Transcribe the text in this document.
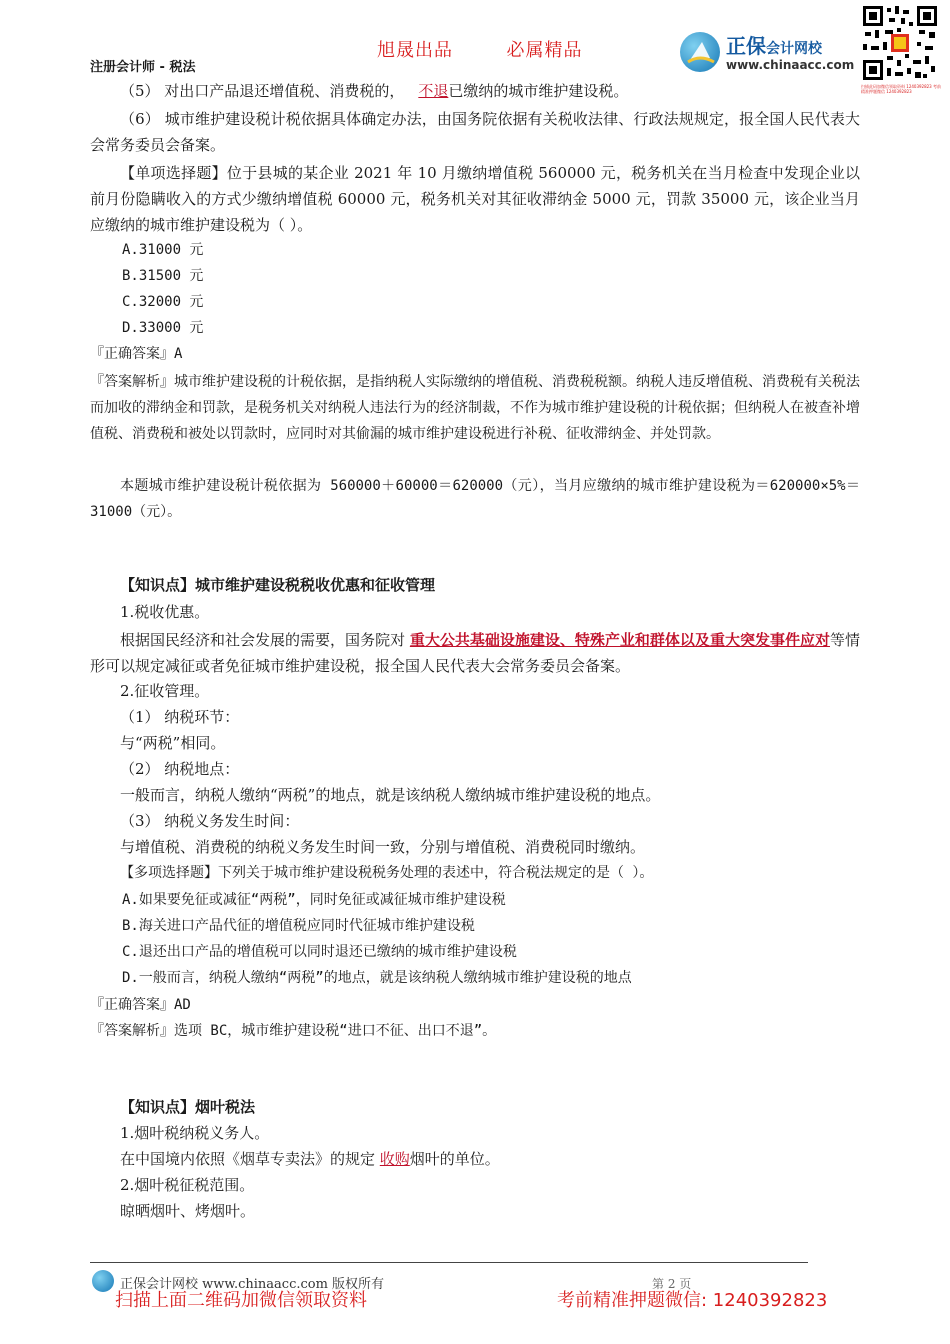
旭晟出品	必属精品
注册会计师 - 税法
正保会计网校
www.chinaacc.com
扫描此码加微信领取资料 1240392823 考前精准押题微信 1240392823
（5） 对出口产品退还增值税、消费税的， 不退已缴纳的城市维护建设税。
（6） 城市维护建设税计税依据具体确定办法，由国务院依据有关税收法律、行政法规规定，报全国人民代表大会常务委员会备案。
【单项选择题】位于县城的某企业 2021 年 10 月缴纳增值税 560000 元，税务机关在当月检查中发现企业以前月份隐瞒收入的方式少缴纳增值税 60000 元，税务机关对其征收滞纳金 5000 元，罚款 35000 元，该企业当月应缴纳的城市维护建设税为（ ）。
A.31000 元
B.31500 元
C.32000 元
D.33000 元
『正确答案』A
『答案解析』城市维护建设税的计税依据，是指纳税人实际缴纳的增值税、消费税税额。纳税人违反增值税、消费税有关税法而加收的滞纳金和罚款，是税务机关对纳税人违法行为的经济制裁，不作为城市维护建设税的计税依据；但纳税人在被查补增值税、消费税和被处以罚款时，应同时对其偷漏的城市维护建设税进行补税、征收滞纳金、并处罚款。
本题城市维护建设税计税依据为 560000＋60000＝620000（元），当月应缴纳的城市维护建设税为＝620000×5%＝31000（元）。
【知识点】城市维护建设税税收优惠和征收管理
1.税收优惠。
根据国民经济和社会发展的需要，国务院对 重大公共基础设施建设、特殊产业和群体以及重大突发事件应对等情形可以规定减征或者免征城市维护建设税，报全国人民代表大会常务委员会备案。
2.征收管理。
（1） 纳税环节：
与“两税”相同。
（2） 纳税地点：
一般而言，纳税人缴纳“两税”的地点，就是该纳税人缴纳城市维护建设税的地点。
（3） 纳税义务发生时间：
与增值税、消费税的纳税义务发生时间一致，分别与增值税、消费税同时缴纳。
【多项选择题】下列关于城市维护建设税税务处理的表述中，符合税法规定的是（ ）。
A.如果要免征或减征“两税”，同时免征或减征城市维护建设税
B.海关进口产品代征的增值税应同时代征城市维护建设税
C.退还出口产品的增值税可以同时退还已缴纳的城市维护建设税
D.一般而言，纳税人缴纳“两税”的地点，就是该纳税人缴纳城市维护建设税的地点
『正确答案』AD
『答案解析』选项 BC，城市维护建设税“进口不征、出口不退”。
【知识点】烟叶税法
1.烟叶税纳税义务人。
在中国境内依照《烟草专卖法》的规定 收购烟叶的单位。
2.烟叶税征税范围。
晾晒烟叶、烤烟叶。
正保会计网校 www.chinaacc.com 版权所有	第 2 页
扫描上面二维码加微信领取资料	考前精准押题微信: 1240392823
